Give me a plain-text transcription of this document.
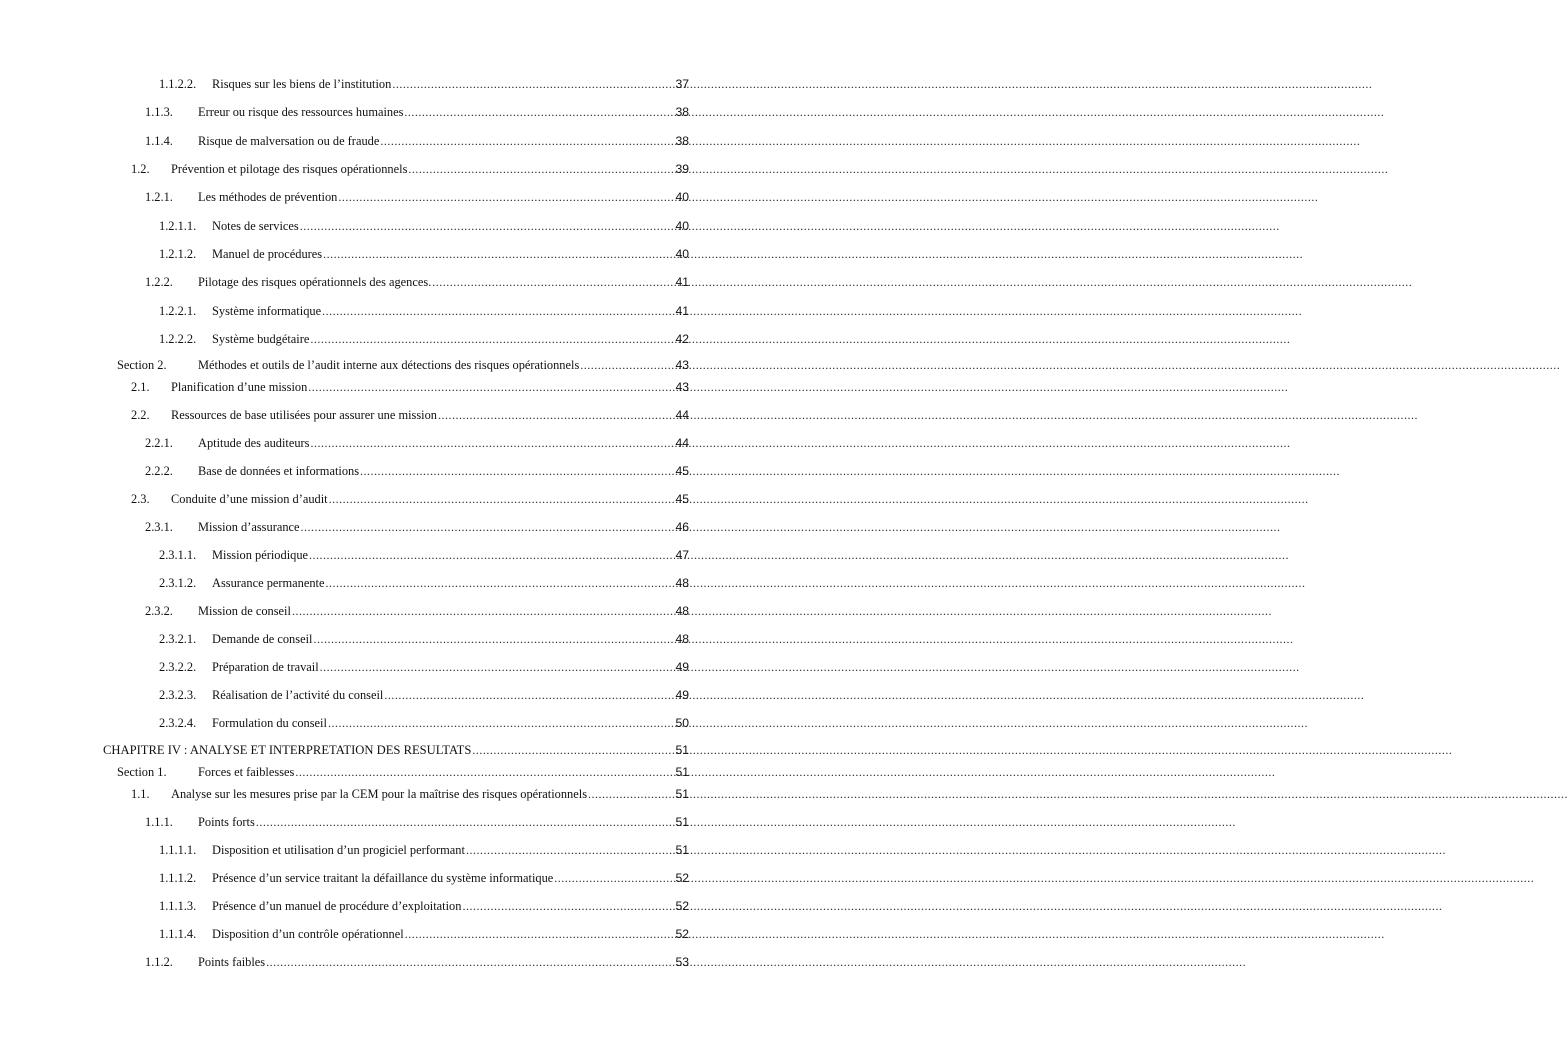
1.1.2.2.	Risques sur les biens de l’institution .....	37
1.1.3.	Erreur ou risque des ressources humaines .....	38
1.1.4.	Risque de malversation ou de fraude .....	38
1.2.	Prévention et pilotage des risques opérationnels .....	39
1.2.1.	Les méthodes de prévention .....	40
1.2.1.1.	Notes de services .....	40
1.2.1.2.	Manuel de procédures .....	40
1.2.2.	Pilotage des risques opérationnels des agences. .....	41
1.2.2.1.	Système informatique .....	41
1.2.2.2.	Système budgétaire .....	42
Section 2.	Méthodes et outils de l’audit interne aux détections des risques opérationnels .....	43
2.1.	Planification d’une mission .....	43
2.2.	Ressources de base utilisées pour assurer une mission .....	44
2.2.1.	Aptitude des auditeurs .....	44
2.2.2.	Base de données et informations .....	45
2.3.	Conduite d’une mission d’audit .....	45
2.3.1.	Mission d’assurance .....	46
2.3.1.1.	Mission périodique .....	47
2.3.1.2.	Assurance permanente .....	48
2.3.2.	Mission de conseil .....	48
2.3.2.1.	Demande de conseil .....	48
2.3.2.2.	Préparation de travail .....	49
2.3.2.3.	Réalisation de l’activité du conseil .....	49
2.3.2.4.	Formulation du conseil .....	50
CHAPITRE IV : ANALYSE ET INTERPRETATION DES RESULTATS .....	51
Section 1.	Forces et faiblesses .....	51
1.1.	Analyse sur les mesures prise par la CEM pour la maîtrise des risques opérationnels .....	51
1.1.1.	Points forts .....	51
1.1.1.1.	Disposition et utilisation d’un progiciel performant .....	51
1.1.1.2.	Présence d’un service traitant la défaillance du système informatique .....	52
1.1.1.3.	Présence d’un manuel de procédure d’exploitation .....	52
1.1.1.4.	Disposition d’un contrôle opérationnel .....	52
1.1.2.	Points faibles .....	53
